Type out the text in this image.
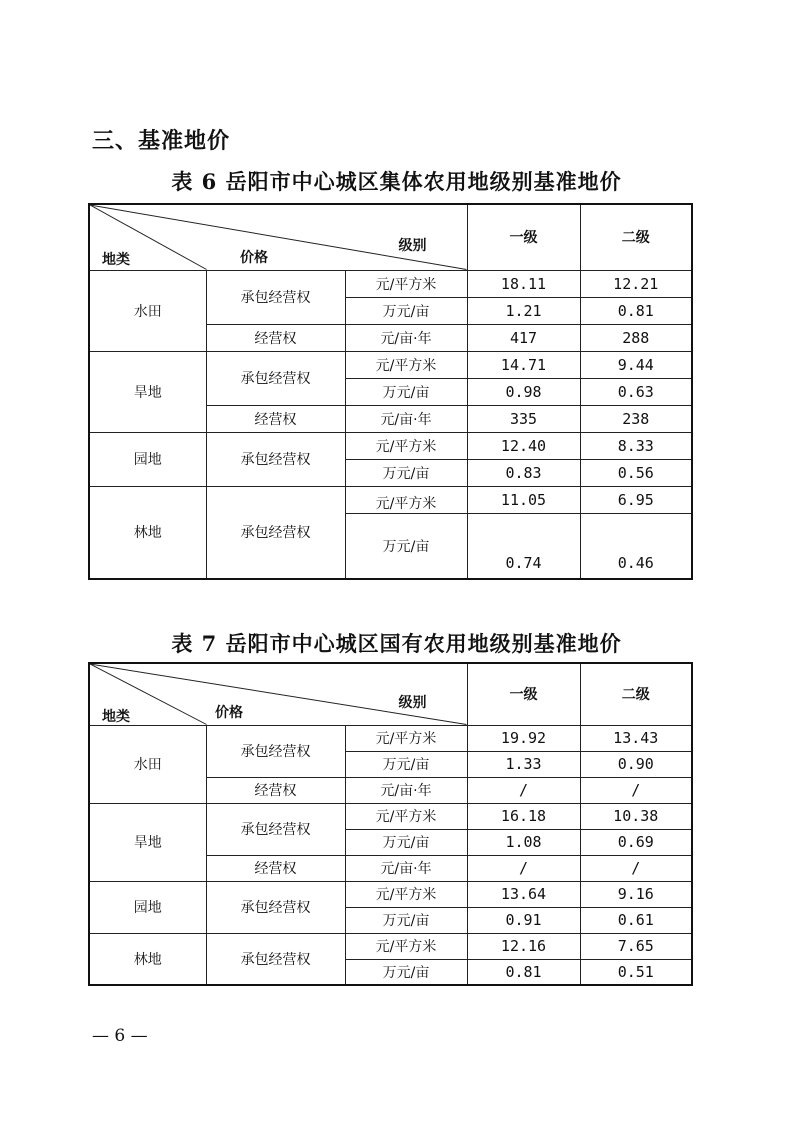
三、基准地价
表 6 岳阳市中心城区集体农用地级别基准地价
级别
价格
地类			一级	二级
水田	承包经营权	元/平方米	18.11	12.21
		万元/亩	1.21	0.81
	经营权	元/亩·年	417	288
旱地	承包经营权	元/平方米	14.71	9.44
		万元/亩	0.98	0.63
	经营权	元/亩·年	335	238
园地	承包经营权	元/平方米	12.40	8.33
		万元/亩	0.83	0.56
林地	承包经营权	元/平方米	11.05	6.95
		万元/亩	0.74	0.46
表 7 岳阳市中心城区国有农用地级别基准地价
级别
价格
地类			一级	二级
水田	承包经营权	元/平方米	19.92	13.43
		万元/亩	1.33	0.90
	经营权	元/亩·年	/	/
旱地	承包经营权	元/平方米	16.18	10.38
		万元/亩	1.08	0.69
	经营权	元/亩·年	/	/
园地	承包经营权	元/平方米	13.64	9.16
		万元/亩	0.91	0.61
林地	承包经营权	元/平方米	12.16	7.65
		万元/亩	0.81	0.51
— 6 —
